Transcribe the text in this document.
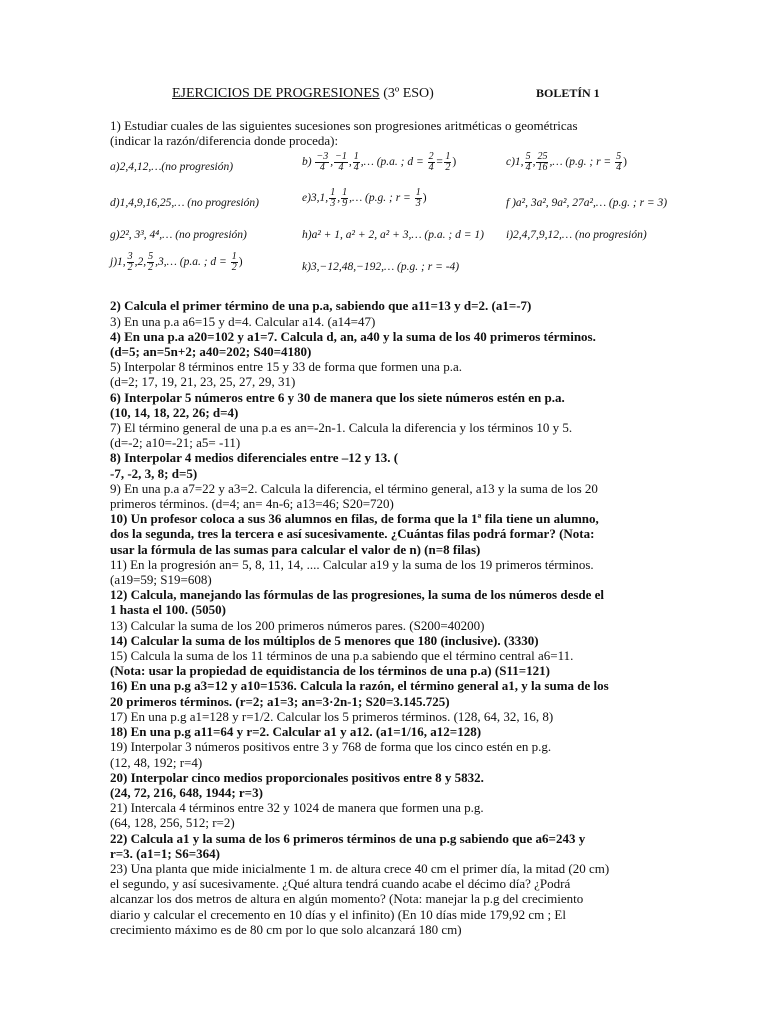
EJERCICIOS DE PROGRESIONES (3º ESO)	BOLETÍN 1
1) Estudiar cuales de las siguientes sucesiones son progresiones aritméticas o geométricas
(indicar la razón/diferencia donde proceda):
a)2,4,12,…(no progresión)	$b) \frac{-3}{4}$ , $\frac{-1}{4}$ , $\frac{1}{4}$ ,… (p.a. ; $d = \frac{2}{4} = \frac{1}{2}$ )	c)1, $\frac{5}{4}$ , $\frac{25}{16}$ ,… (p.g. ; $r = \frac{5}{4}$ )
d)1,4,9,16,25,… (no progresión)	e)3,1, $\frac{1}{3}$ , $\frac{1}{9}$ ,… (p.g. ; $r = \frac{1}{3}$ )	f )a², 3a², 9a², 27a²,… (p.g. ; r = 3)
g)2², 3³, 4⁴,… (no progresión)	h)a² + 1, a² + 2, a² + 3,… (p.a. ; d = 1) i)2,4,7,9,12,… (no progresión)
j)1, $\frac{3}{2} ,2$, $\frac{5}{2}$ ,3,… (p.a. ; $d = \frac{1}{2}$ )	k)3,−12,48,−192,… (p.g. ; r = -4)
2) Calcula el primer término de una p.a, sabiendo que a11=13 y d=2. (a1=-7)
3) En una p.a a6=15 y d=4. Calcular a14. (a14=47)
4) En una p.a a20=102 y a1=7. Calcula d, an, a40 y la suma de los 40 primeros términos.
(d=5; an=5n+2; a40=202; S40=4180)
5) Interpolar 8 términos entre 15 y 33 de forma que formen una p.a.
(d=2; 17, 19, 21, 23, 25, 27, 29, 31)
6) Interpolar 5 números entre 6 y 30 de manera que los siete números estén en p.a.
(10, 14, 18, 22, 26; d=4)
7) El término general de una p.a es an=-2n-1. Calcula la diferencia y los términos 10 y 5.
(d=-2; a10=-21; a5= -11)
8) Interpolar 4 medios diferenciales entre –12 y 13. (
-7, -2, 3, 8; d=5)
9) En una p.a a7=22 y a3=2. Calcula la diferencia, el término general, a13 y la suma de los 20
primeros términos. (d=4; an= 4n-6; a13=46; S20=720)
10) Un profesor coloca a sus 36 alumnos en filas, de forma que la 1ª fila tiene un alumno,
dos la segunda, tres la tercera e así sucesivamente. ¿Cuántas filas podrá formar? (Nota:
usar la fórmula de las sumas para calcular el valor de n) (n=8 filas)
11) En la progresión an= 5, 8, 11, 14, .... Calcular a19 y la suma de los 19 primeros términos.
(a19=59; S19=608)
12) Calcula, manejando las fórmulas de las progresiones, la suma de los números desde el
1 hasta el 100. (5050)
13) Calcular la suma de los 200 primeros números pares. (S200=40200)
14) Calcular la suma de los múltiplos de 5 menores que 180 (inclusive). (3330)
15) Calcula la suma de los 11 términos de una p.a sabiendo que el término central a6=11.
(Nota: usar la propiedad de equidistancia de los términos de una p.a) (S11=121)
16) En una p.g a3=12 y a10=1536. Calcula la razón, el término general a1, y la suma de los
20 primeros términos. (r=2; a1=3; an=3·2n-1; S20=3.145.725)
17) En una p.g a1=128 y r=1/2. Calcular los 5 primeros términos. (128, 64, 32, 16, 8)
18) En una p.g a11=64 y r=2. Calcular a1 y a12. (a1=1/16, a12=128)
19) Interpolar 3 números positivos entre 3 y 768 de forma que los cinco estén en p.g.
(12, 48, 192; r=4)
20) Interpolar cinco medios proporcionales positivos entre 8 y 5832.
(24, 72, 216, 648, 1944; r=3)
21) Intercala 4 términos entre 32 y 1024 de manera que formen una p.g.
(64, 128, 256, 512; r=2)
22) Calcula a1 y la suma de los 6 primeros términos de una p.g sabiendo que a6=243 y
r=3. (a1=1; S6=364)
23) Una planta que mide inicialmente 1 m. de altura crece 40 cm el primer día, la mitad (20 cm)
el segundo, y así sucesivamente. ¿Qué altura tendrá cuando acabe el décimo día? ¿Podrá
alcanzar los dos metros de altura en algún momento? (Nota: manejar la p.g del crecimiento
diario y calcular el crecemento en 10 días y el infinito) (En 10 días mide 179,92 cm ; El
crecimiento máximo es de 80 cm por lo que solo alcanzará 180 cm)
